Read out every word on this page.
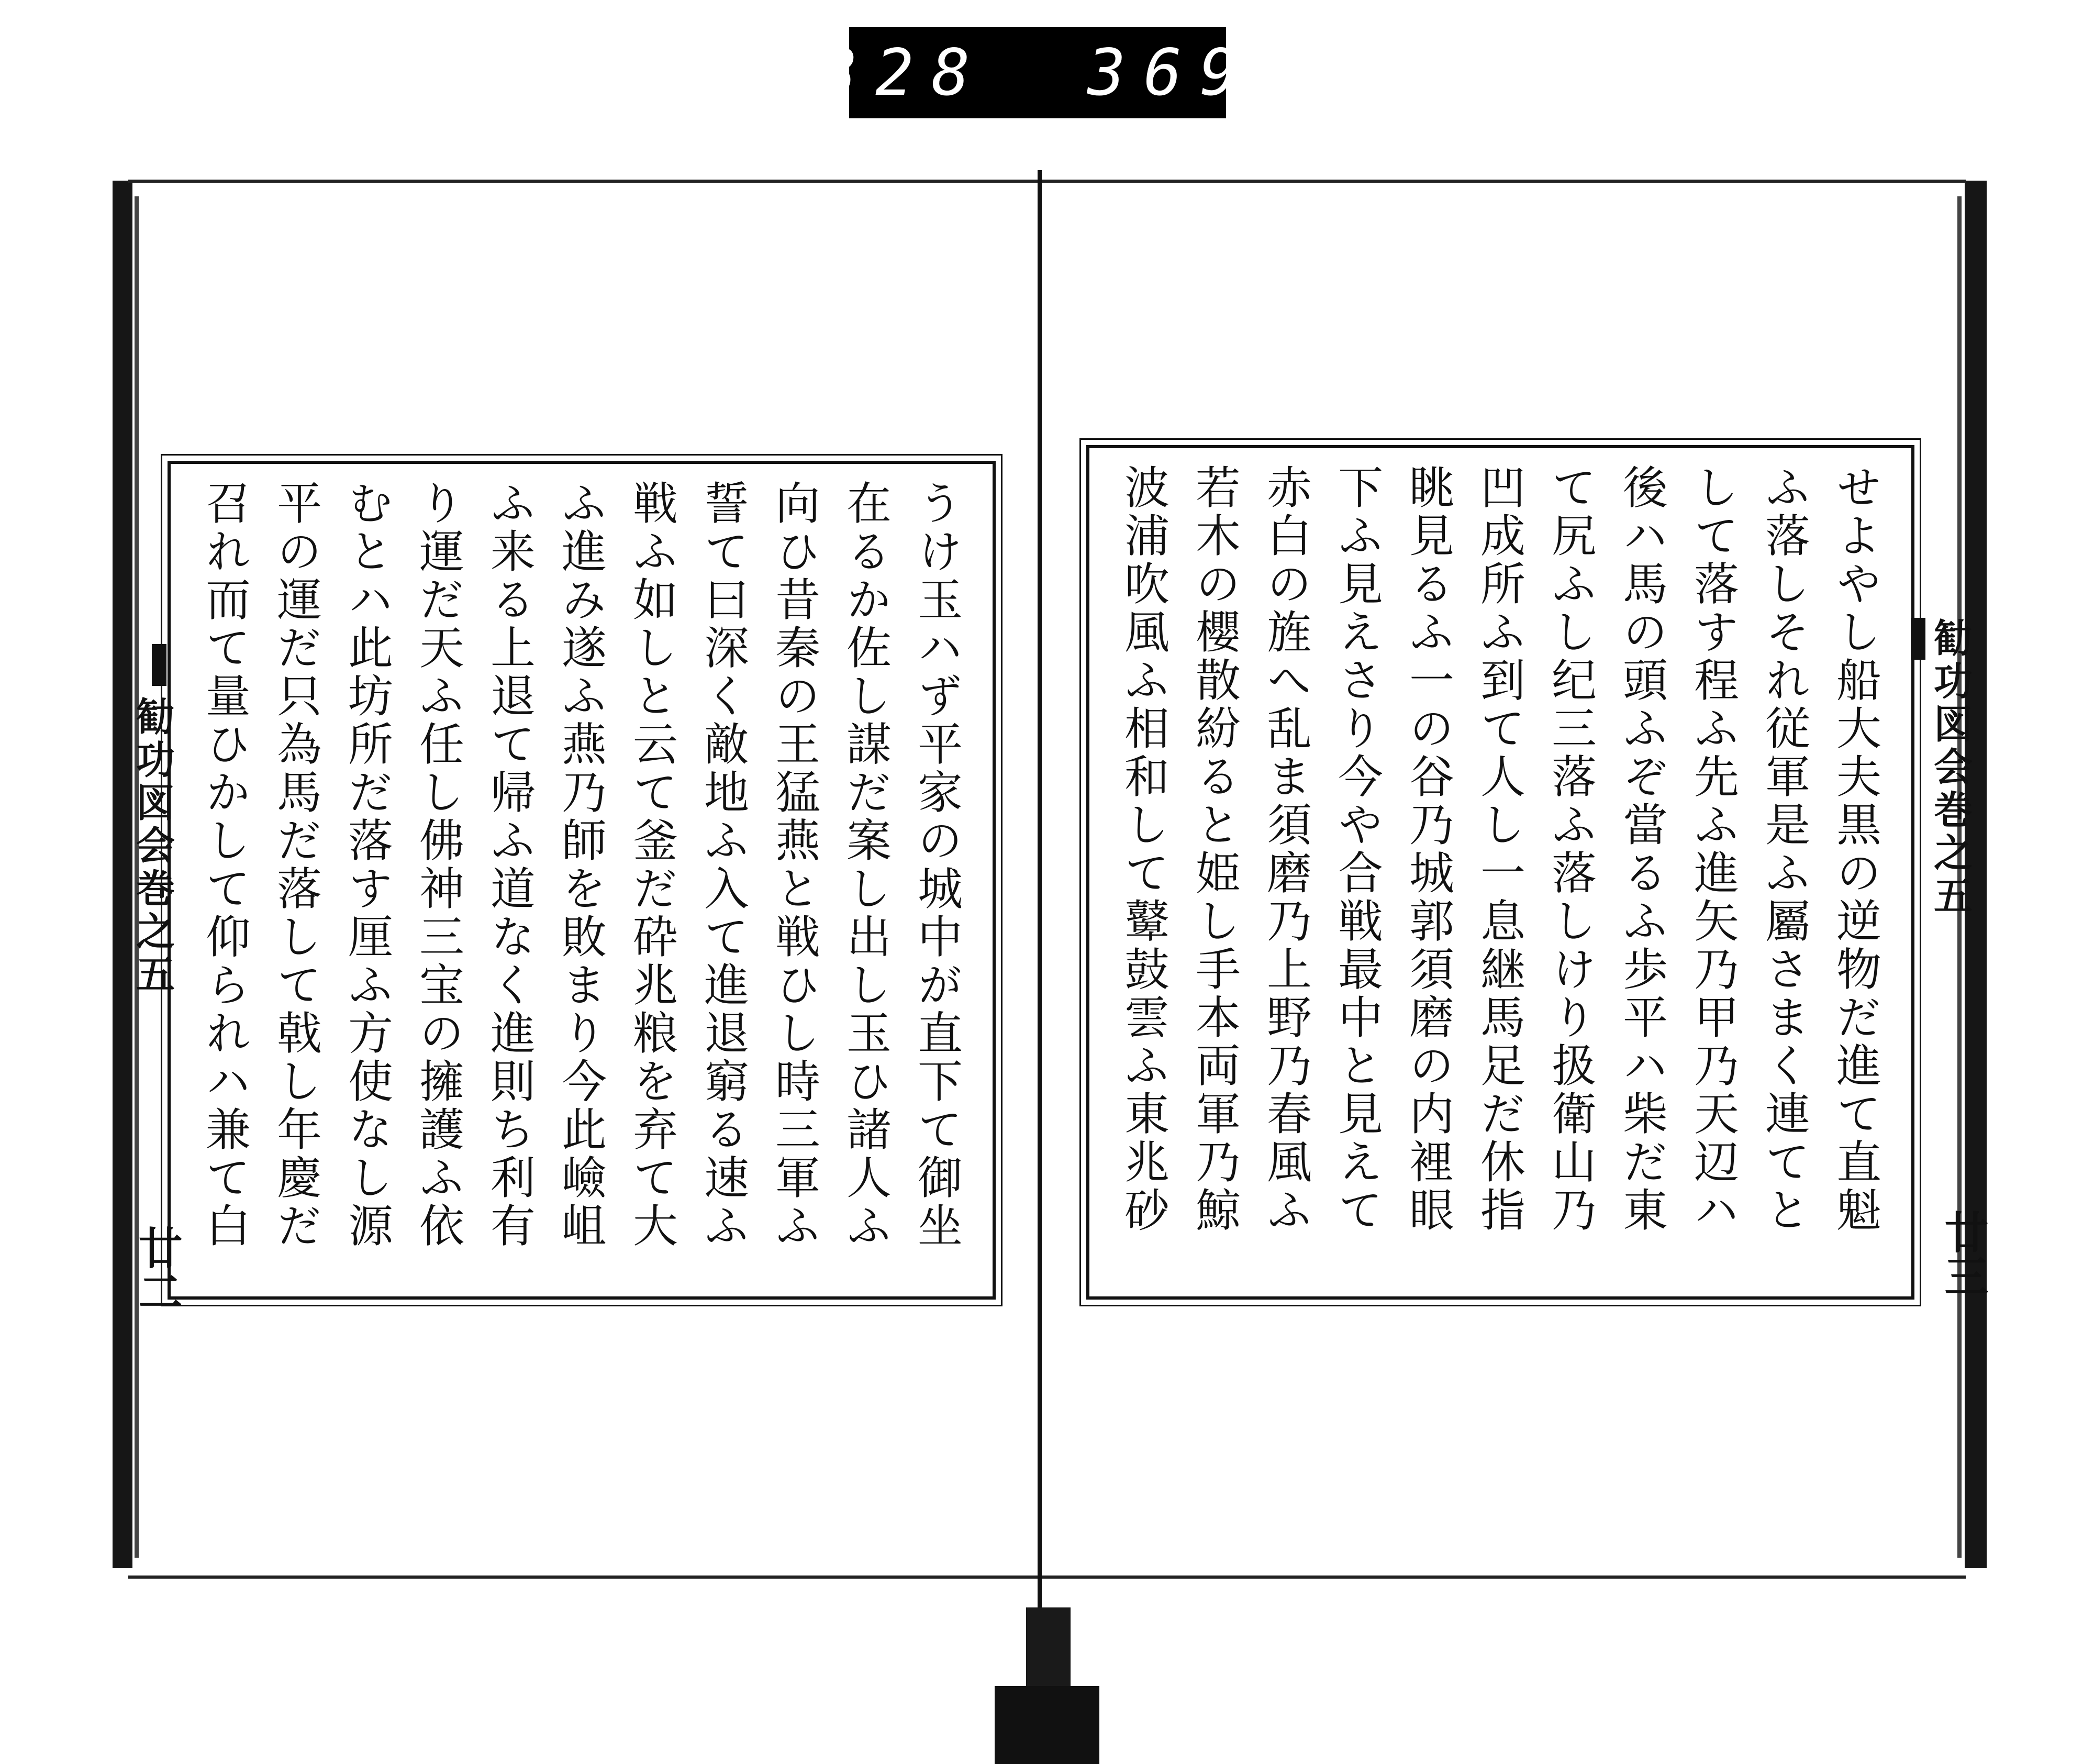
328 369
勧功図会巻之五
廿二
勧功図会巻之五
廿三
うけ玉ハず平家の城中が直下て御坐在るか佐し謀だ案し出し玉ひ諸人ふ向ひ昔秦の王猛燕と戦ひし時三軍ふ誓て曰深く敵地ふ入て進退窮る速ふ戦ふ如しと云て釜だ砕兆粮を弃て大ふ進み遂ふ燕乃師を敗まり今此嶮岨ふ来る上退て帰ふ道なく進則ち利有り運だ天ふ任し佛神三宝の擁護ふ依むとハ此坊所だ落す厘ふ方使なし源平の運だ只為馬だ落して戟し年慶だ召れ而て量ひかして仰られハ兼て白
せよやし船大夫黒の逆物だ進て直魁ふ落しそれ従軍是ふ屬さまく連てとして落す程ふ先ふ進矢乃甲乃天辺ハ後ハ馬の頭ふぞ當るふ歩平ハ柴だ東て尻ふし纪三落ふ落しけり扱衛山乃凹成所ふ到て人し一息継馬足だ休指眺見るふ一の谷乃城郭須磨の内裡眼下ふ見えさり今や合戦最中と見えて赤白の旌へ乱ま須磨乃上野乃春風ふ若木の櫻散紛ると姫し手本両軍乃鯨波浦吹風ふ相和して鼙鼓雲ふ東兆砂
